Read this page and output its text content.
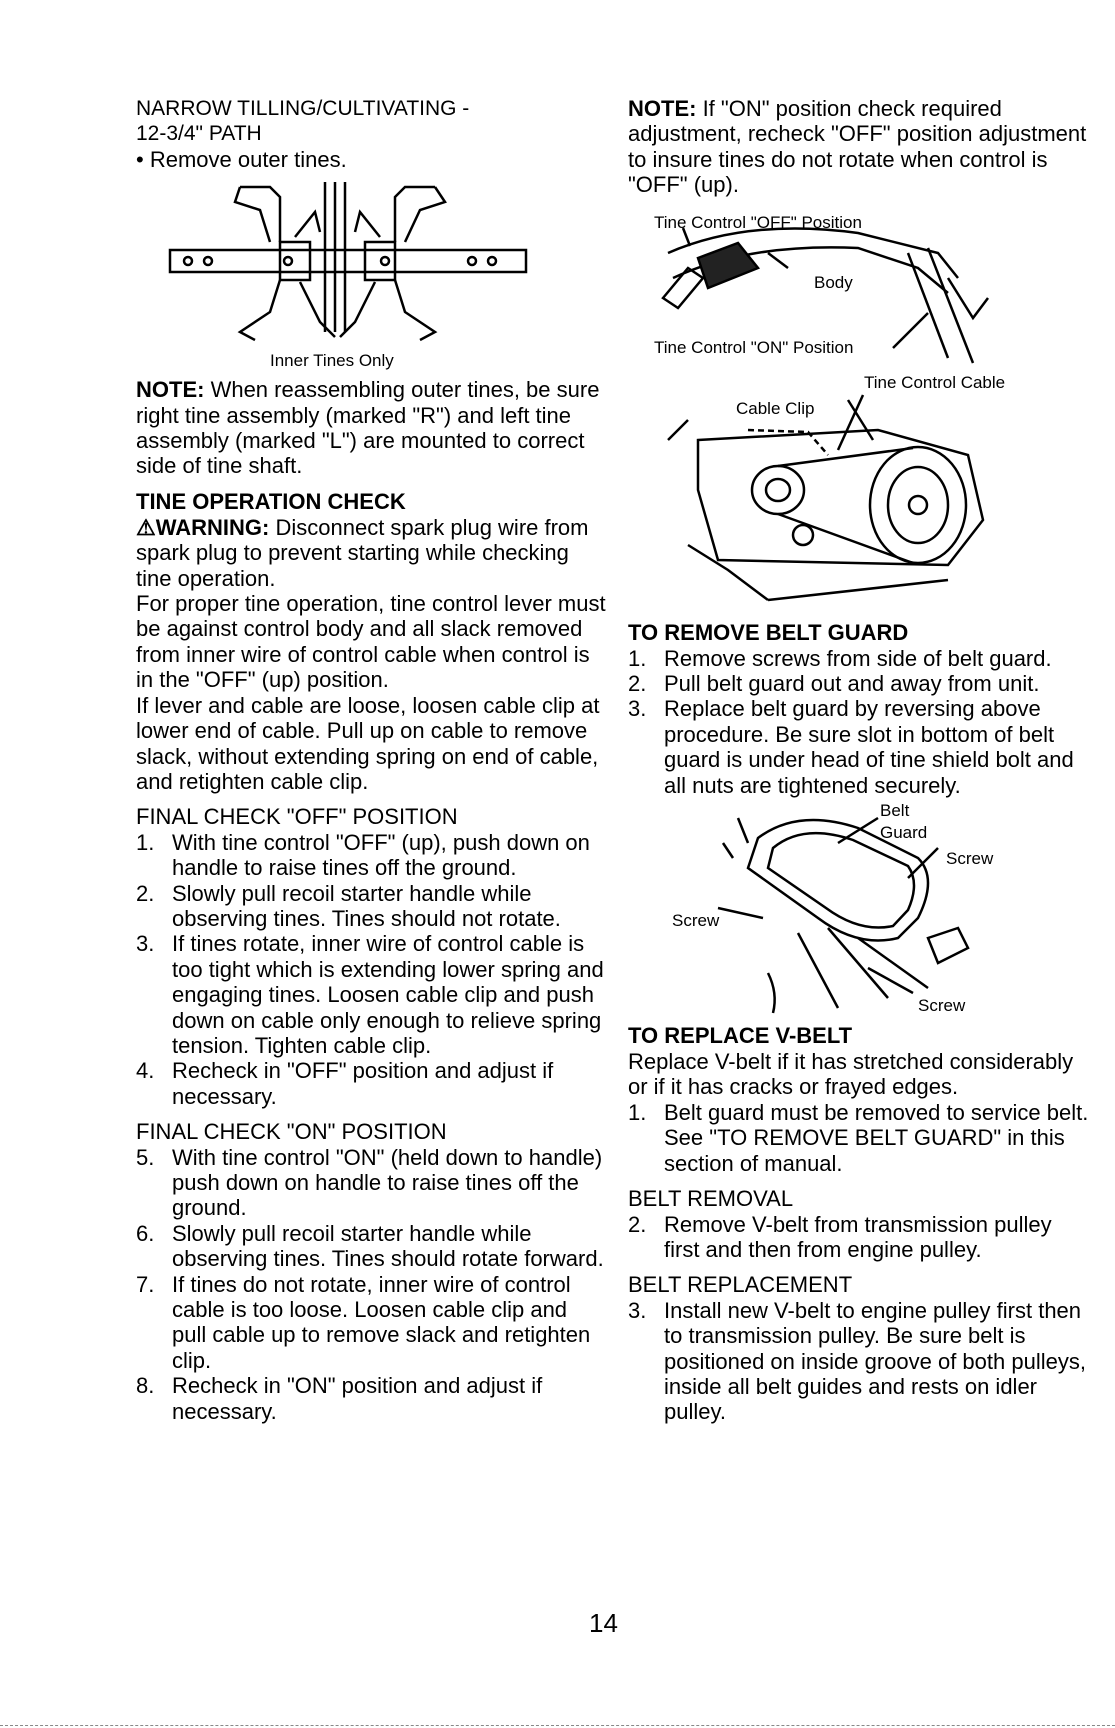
NARROW TILLING/CULTIVATING -

12-3/4" PATH

• Remove outer tines.

Inner Tines Only

NOTE: When reassembling outer tines, be sure right tine assembly (marked "R") and left tine assembly (marked "L") are mounted to correct side of tine shaft.

TINE OPERATION CHECK

⚠WARNING: Disconnect spark plug wire from spark plug to prevent starting while checking tine operation.

For proper tine operation, tine control lever must be against control body and all slack removed from inner wire of control cable when control is in the "OFF" (up) position.

If lever and cable are loose, loosen cable clip at lower end of cable. Pull up on cable to remove slack, without extending spring on end of cable, and retighten cable clip.

FINAL CHECK "OFF" POSITION

1. With tine control "OFF" (up), push down on handle to raise tines off the ground.
2. Slowly pull recoil starter handle while observing tines. Tines should not rotate.
3. If tines rotate, inner wire of control cable is too tight which is extending lower spring and engaging tines. Loosen cable clip and push down on cable only enough to relieve spring tension. Tighten cable clip.
4. Recheck in "OFF" position and adjust if necessary.

FINAL CHECK "ON" POSITION

5. With tine control "ON" (held down to handle) push down on handle to raise tines off the ground.
6. Slowly pull recoil starter handle while observing tines. Tines should rotate forward.
7. If tines do not rotate, inner wire of control cable is too loose. Loosen cable clip and pull cable up to remove slack and retighten clip.
8. Recheck in "ON" position and adjust if necessary.

NOTE: If "ON" position check required adjustment, recheck "OFF" position adjustment to insure tines do not rotate when control is "OFF" (up).

Tine Control "OFF" Position
Body
Tine Control "ON" Position
Tine Control Cable
Cable Clip
TO REMOVE BELT GUARD
1. Remove screws from side of belt guard.
2. Pull belt guard out and away from unit.
3. Replace belt guard by reversing above procedure. Be sure slot in bottom of belt guard is under head of tine shield bolt and all nuts are tightened securely.
Belt
Guard
Screw
Screw
Screw
TO REPLACE V-BELT

Replace V-belt if it has stretched considerably or if it has cracks or frayed edges.

1. Belt guard must be removed to service belt. See "TO REMOVE BELT GUARD" in this section of manual.

BELT REMOVAL

2. Remove V-belt from transmission pulley first and then from engine pulley.

BELT REPLACEMENT

3. Install new V-belt to engine pulley first then to transmission pulley. Be sure belt is positioned on inside groove of both pulleys, inside all belt guides and rests on idler pulley.
14
